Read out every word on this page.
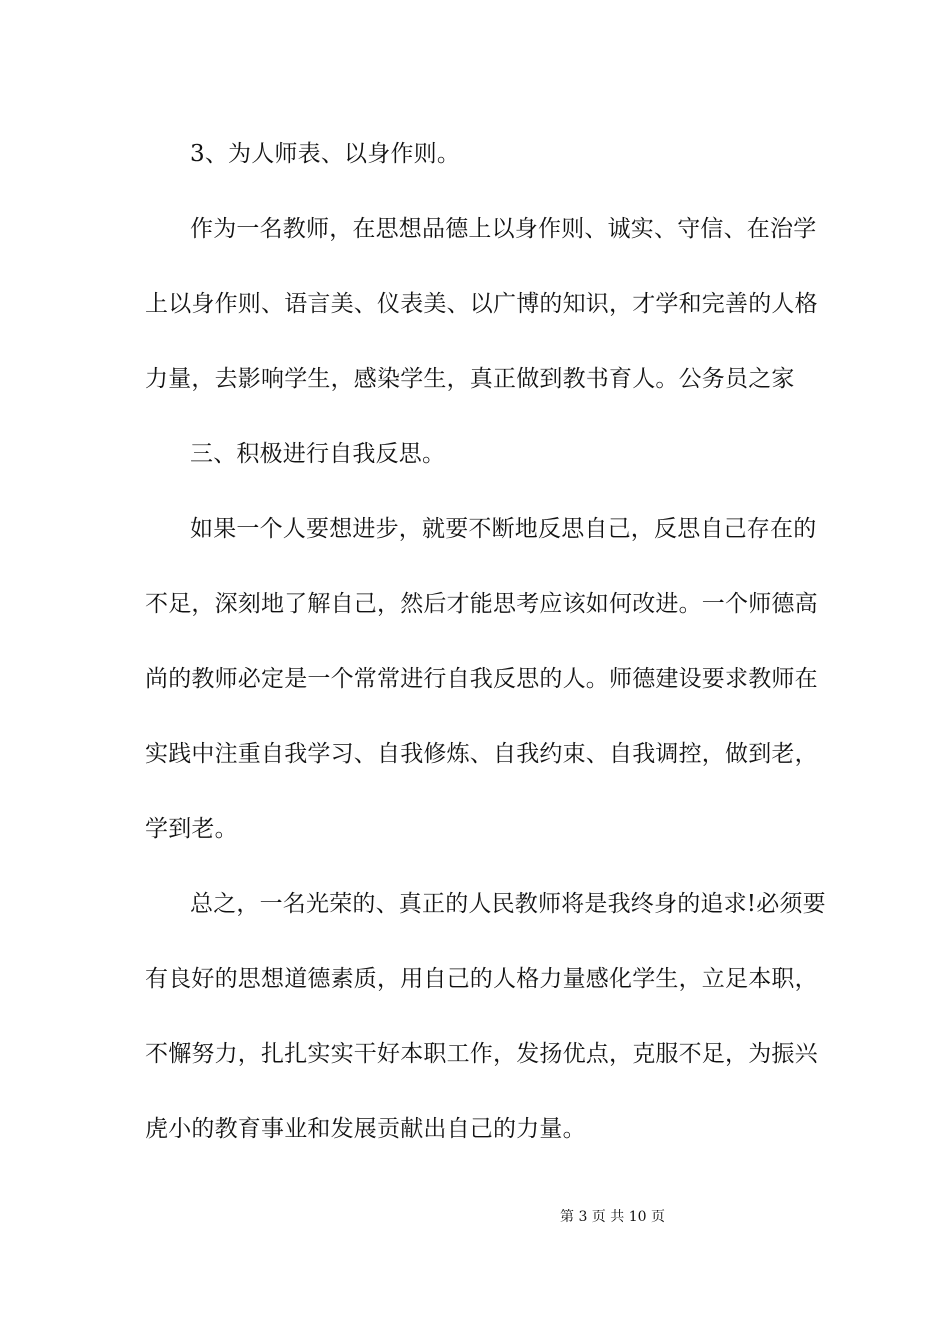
3、为人师表、以身作则。
作为一名教师，在思想品德上以身作则、诚实、守信、在治学
上以身作则、语言美、仪表美、以广博的知识，才学和完善的人格
力量，去影响学生，感染学生，真正做到教书育人。公务员之家
三、积极进行自我反思。
如果一个人要想进步，就要不断地反思自己，反思自己存在的
不足，深刻地了解自己，然后才能思考应该如何改进。一个师德高
尚的教师必定是一个常常进行自我反思的人。师德建设要求教师在
实践中注重自我学习、自我修炼、自我约束、自我调控，做到老，
学到老。
总之，一名光荣的、真正的人民教师将是我终身的追求!必须要
有良好的思想道德素质，用自己的人格力量感化学生，立足本职，
不懈努力，扎扎实实干好本职工作，发扬优点，克服不足，为振兴
虎小的教育事业和发展贡献出自己的力量。
第 3 页 共 10 页
